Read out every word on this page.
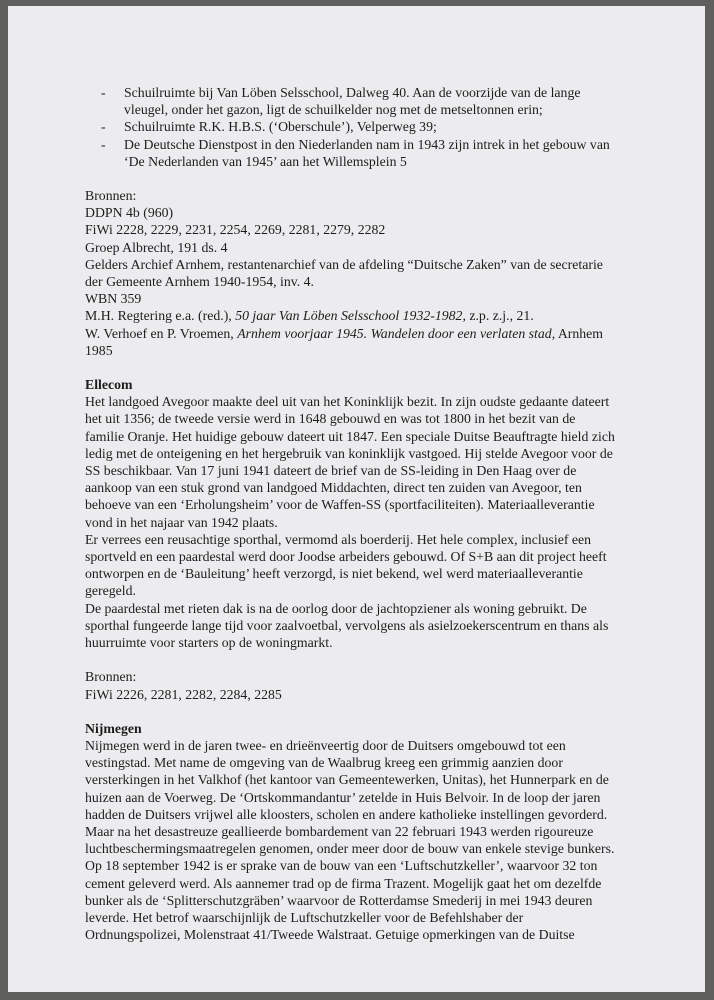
- Schuilruimte bij Van Löben Selsschool, Dalweg 40. Aan de voorzijde van de lange vleugel, onder het gazon, ligt de schuilkelder nog met de metseltonnen erin;
- Schuilruimte R.K. H.B.S. (‘Oberschule’), Velperweg 39;
- De Deutsche Dienstpost in den Niederlanden nam in 1943 zijn intrek in het gebouw van ‘De Nederlanden van 1945’ aan het Willemsplein 5
Bronnen:
DDPN 4b (960)
FiWi 2228, 2229, 2231, 2254, 2269, 2281, 2279, 2282
Groep Albrecht, 191 ds. 4
Gelders Archief Arnhem, restantenarchief van de afdeling “Duitsche Zaken” van de secretarie der Gemeente Arnhem 1940-1954, inv. 4.
WBN 359
M.H. Regtering e.a. (red.), 50 jaar Van Löben Selsschool 1932-1982, z.p. z.j., 21.
W. Verhoef en P. Vroemen, Arnhem voorjaar 1945. Wandelen door een verlaten stad, Arnhem 1985
Ellecom

Het landgoed Avegoor maakte deel uit van het Koninklijk bezit. In zijn oudste gedaante dateert het uit 1356; de tweede versie werd in 1648 gebouwd en was tot 1800 in het bezit van de familie Oranje. Het huidige gebouw dateert uit 1847. Een speciale Duitse Beauftragte hield zich ledig met de onteigening en het hergebruik van koninklijk vastgoed. Hij stelde Avegoor voor de SS beschikbaar. Van 17 juni 1941 dateert de brief van de SS-leiding in Den Haag over de aankoop van een stuk grond van landgoed Middachten, direct ten zuiden van Avegoor, ten behoeve van een ‘Erholungsheim’ voor de Waffen-SS (sportfaciliteiten). Materiaalleverantie vond in het najaar van 1942 plaats.

Er verrees een reusachtige sporthal, vermomd als boerderij. Het hele complex, inclusief een sportveld en een paardestal werd door Joodse arbeiders gebouwd. Of S+B aan dit project heeft ontworpen en de ‘Bauleitung’ heeft verzorgd, is niet bekend, wel werd materiaalleverantie geregeld.

De paardestal met rieten dak is na de oorlog door de jachtopziener als woning gebruikt. De sporthal fungeerde lange tijd voor zaalvoetbal, vervolgens als asielzoekerscentrum en thans als huurruimte voor starters op de woningmarkt.

Bronnen:
FiWi 2226, 2281, 2282, 2284, 2285
Nijmegen

Nijmegen werd in de jaren twee- en drieënveertig door de Duitsers omgebouwd tot een vestingstad. Met name de omgeving van de Waalbrug kreeg een grimmig aanzien door versterkingen in het Valkhof (het kantoor van Gemeentewerken, Unitas), het Hunnerpark en de huizen aan de Voerweg. De ‘Ortskommandantur’ zetelde in Huis Belvoir. In de loop der jaren hadden de Duitsers vrijwel alle kloosters, scholen en andere katholieke instellingen gevorderd. Maar na het desastreuze geallieerde bombardement van 22 februari 1943 werden rigoureuze luchtbeschermingsmaatregelen genomen, onder meer door de bouw van enkele stevige bunkers. Op 18 september 1942 is er sprake van de bouw van een ‘Luftschutzkeller’, waarvoor 32 ton cement geleverd werd. Als aannemer trad op de firma Trazent. Mogelijk gaat het om dezelfde bunker als de ‘Splitterschutzgräben’ waarvoor de Rotterdamse Smederij in mei 1943 deuren leverde. Het betrof waarschijnlijk de Luftschutzkeller voor de Befehlshaber der Ordnungspolizei, Molenstraat 41/Tweede Walstraat. Getuige opmerkingen van de Duitse
